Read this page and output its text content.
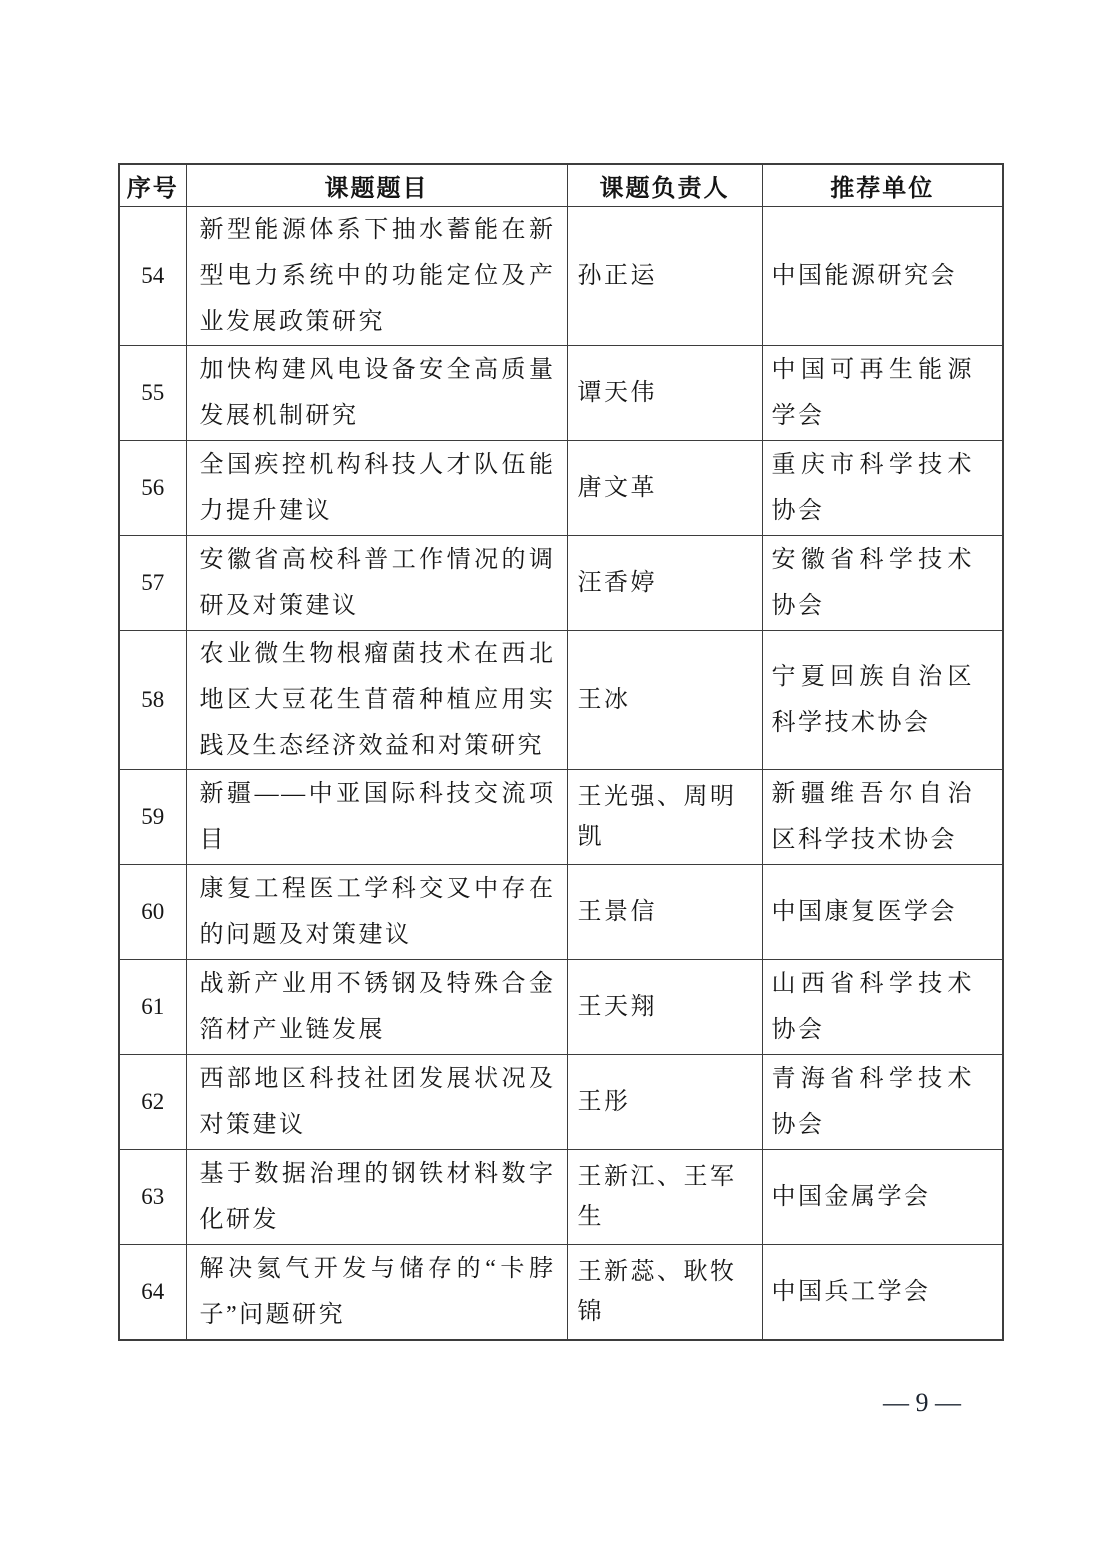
序号	课题题目	课题负责人	推荐单位
54	新型能源体系下抽水蓄能在新型电力系统中的功能定位及产业发展政策研究	孙正运	中国能源研究会
55	加快构建风电设备安全高质量发展机制研究	谭天伟	中国可再生能源学会
56	全国疾控机构科技人才队伍能力提升建议	唐文革	重庆市科学技术协会
57	安徽省高校科普工作情况的调研及对策建议	汪香婷	安徽省科学技术协会
58	农业微生物根瘤菌技术在西北地区大豆花生苜蓿种植应用实践及生态经济效益和对策研究	王冰	宁夏回族自治区科学技术协会
59	新疆——中亚国际科技交流项目	王光强、周明凯	新疆维吾尔自治区科学技术协会
60	康复工程医工学科交叉中存在的问题及对策建议	王景信	中国康复医学会
61	战新产业用不锈钢及特殊合金箔材产业链发展	王天翔	山西省科学技术协会
62	西部地区科技社团发展状况及对策建议	王彤	青海省科学技术协会
63	基于数据治理的钢铁材料数字化研发	王新江、王军生	中国金属学会
64	解决氦气开发与储存的“卡脖子”问题研究	王新蕊、耿牧锦	中国兵工学会
— 9 —
